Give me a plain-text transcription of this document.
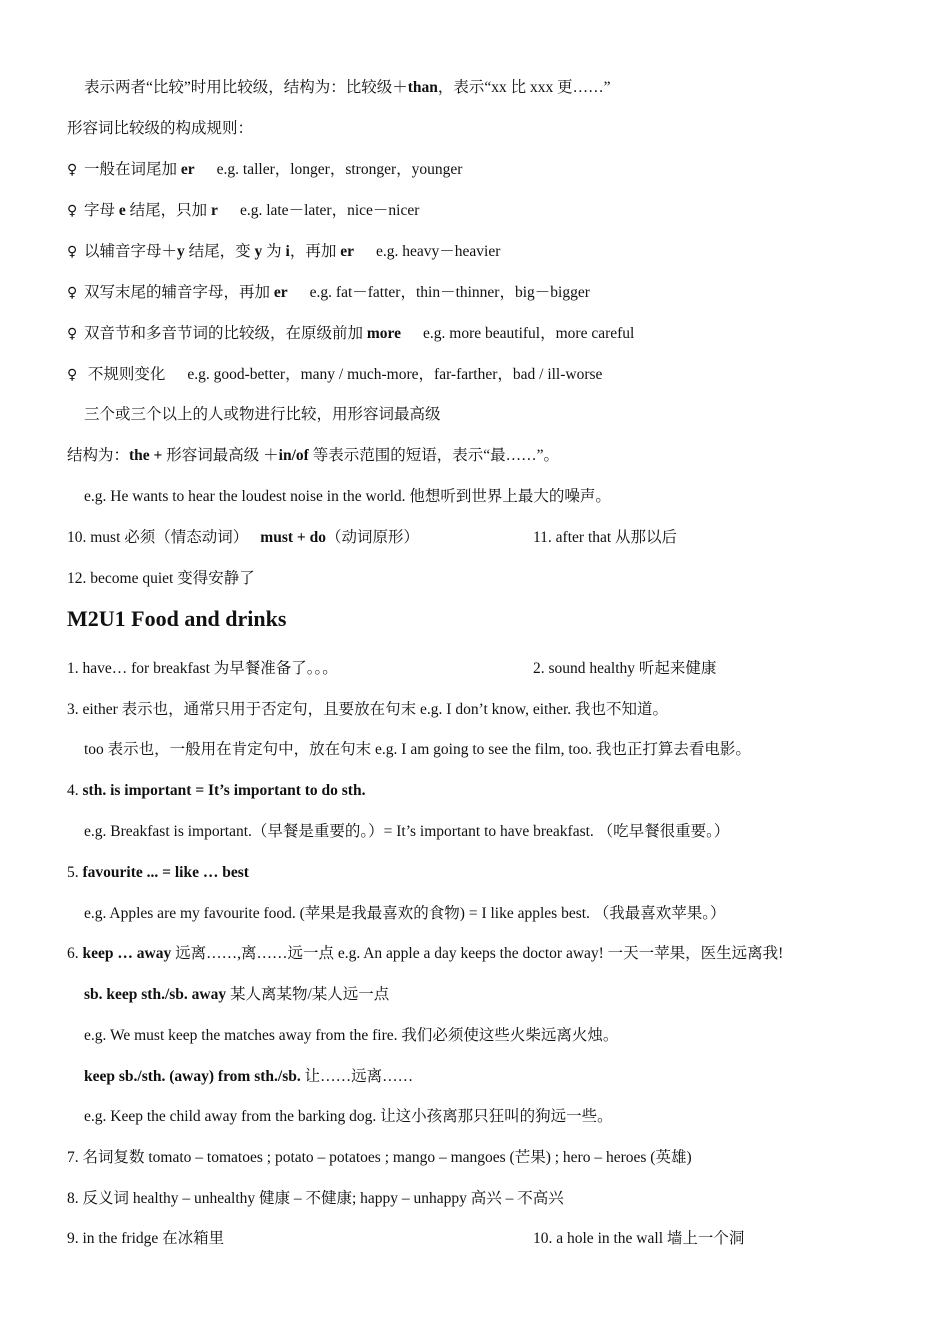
表示两者“比较”时用比较级，结构为：比较级＋than，表示“xx 比 xxx 更……”
形容词比较级的构成规则：
♀ 一般在词尾加 er e.g. taller，longer，stronger，younger
♀ 字母 e 结尾，只加 r e.g. late－later，nice－nicer
♀ 以辅音字母＋y 结尾，变 y 为 i，再加 er e.g. heavy－heavier
♀ 双写末尾的辅音字母，再加 er e.g. fat－fatter，thin－thinner，big－bigger
♀ 双音节和多音节词的比较级，在原级前加 more e.g. more beautiful，more careful
♀ 不规则变化 e.g. good-better，many / much-more，far-farther，bad / ill-worse
三个或三个以上的人或物进行比较，用形容词最高级
结构为：the + 形容词最高级 ＋in/of 等表示范围的短语，表示“最……”。
e.g. He wants to hear the loudest noise in the world. 他想听到世界上最大的噪声。
10. must 必须（情态动词） must + do（动词原形）	11. after that 从那以后
12. become quiet 变得安静了
M2U1 Food and drinks
1. have… for breakfast 为早餐准备了。。。	2. sound healthy 听起来健康
3. either 表示也，通常只用于否定句，且要放在句末 e.g. I don’t know, either. 我也不知道。
too 表示也，一般用在肯定句中，放在句末 e.g. I am going to see the film, too. 我也正打算去看电影。
4. sth. is important = It’s important to do sth.
e.g. Breakfast is important.（早餐是重要的。）= It’s important to have breakfast. （吃早餐很重要。）
5. favourite ... = like … best
e.g. Apples are my favourite food. (苹果是我最喜欢的食物) = I like apples best. （我最喜欢苹果。）
6. keep … away 远离……,离……远一点 e.g. An apple a day keeps the doctor away! 一天一苹果，医生远离我!
sb. keep sth./sb. away 某人离某物/某人远一点
e.g. We must keep the matches away from the fire. 我们必须使这些火柴远离火烛。
keep sb./sth. (away) from sth./sb. 让……远离……
e.g. Keep the child away from the barking dog. 让这小孩离那只狂叫的狗远一些。
7. 名词复数 tomato – tomatoes ; potato – potatoes ; mango – mangoes (芒果) ; hero – heroes (英雄)
8. 反义词 healthy – unhealthy 健康 – 不健康; happy – unhappy 高兴 – 不高兴
9. in the fridge 在冰箱里	10. a hole in the wall 墙上一个洞
